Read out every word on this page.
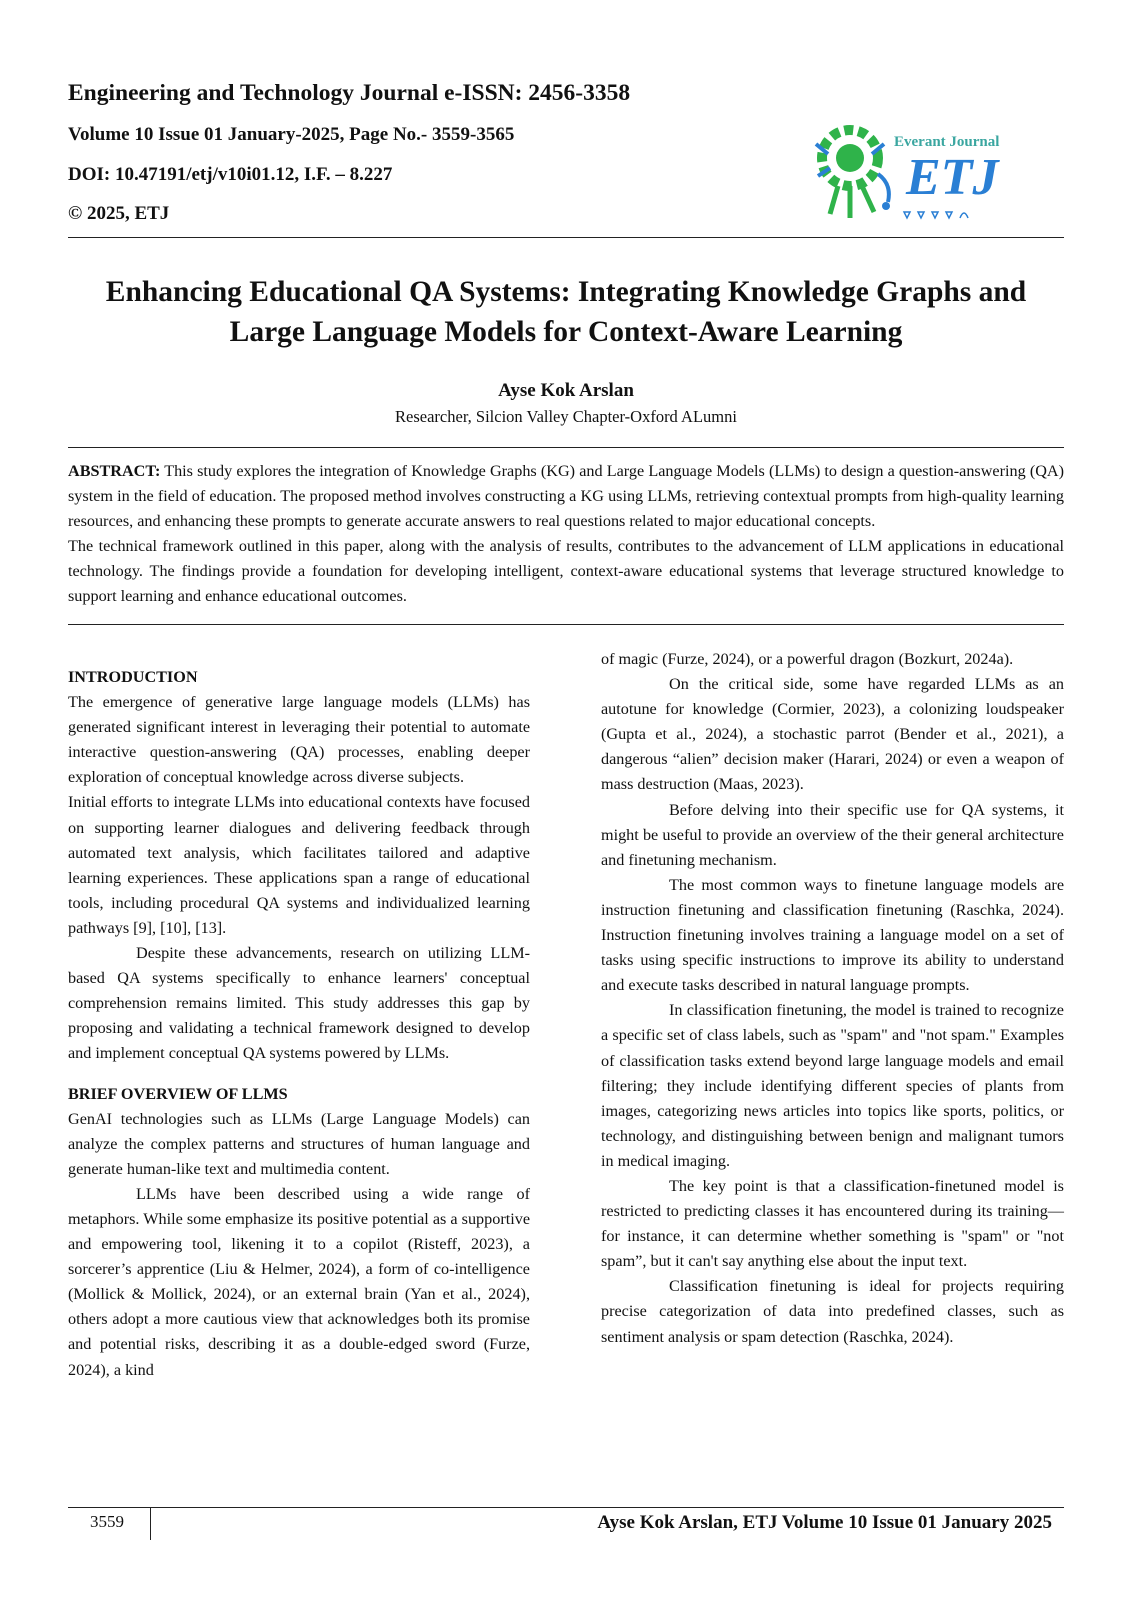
Engineering and Technology Journal e-ISSN: 2456-3358

Volume 10 Issue 01 January-2025, Page No.- 3559-3565

DOI: 10.47191/etj/v10i01.12, I.F. – 8.227

© 2025, ETJ

Everant Journal
ETJ
Enhancing Educational QA Systems: Integrating Knowledge Graphs and Large Language Models for Context-Aware Learning
Ayse Kok Arslan
Researcher, Silcion Valley Chapter-Oxford ALumni

ABSTRACT: This study explores the integration of Knowledge Graphs (KG) and Large Language Models (LLMs) to design a question-answering (QA) system in the field of education. The proposed method involves constructing a KG using LLMs, retrieving contextual prompts from high-quality learning resources, and enhancing these prompts to generate accurate answers to real questions related to major educational concepts.

The technical framework outlined in this paper, along with the analysis of results, contributes to the advancement of LLM applications in educational technology. The findings provide a foundation for developing intelligent, context-aware educational systems that leverage structured knowledge to support learning and enhance educational outcomes.

INTRODUCTION

The emergence of generative large language models (LLMs) has generated significant interest in leveraging their potential to automate interactive question-answering (QA) processes, enabling deeper exploration of conceptual knowledge across diverse subjects.

Initial efforts to integrate LLMs into educational contexts have focused on supporting learner dialogues and delivering feedback through automated text analysis, which facilitates tailored and adaptive learning experiences. These applications span a range of educational tools, including procedural QA systems and individualized learning pathways [9], [10], [13].

Despite these advancements, research on utilizing LLM-based QA systems specifically to enhance learners' conceptual comprehension remains limited. This study addresses this gap by proposing and validating a technical framework designed to develop and implement conceptual QA systems powered by LLMs.

BRIEF OVERVIEW OF LLMS

GenAI technologies such as LLMs (Large Language Models) can analyze the complex patterns and structures of human language and generate human-like text and multimedia content.

LLMs have been described using a wide range of metaphors. While some emphasize its positive potential as a supportive and empowering tool, likening it to a copilot (Risteff, 2023), a sorcerer’s apprentice (Liu & Helmer, 2024), a form of co-intelligence (Mollick & Mollick, 2024), or an external brain (Yan et al., 2024), others adopt a more cautious view that acknowledges both its promise and potential risks, describing it as a double-edged sword (Furze, 2024), a kind

of magic (Furze, 2024), or a powerful dragon (Bozkurt, 2024a).

On the critical side, some have regarded LLMs as an autotune for knowledge (Cormier, 2023), a colonizing loudspeaker (Gupta et al., 2024), a stochastic parrot (Bender et al., 2021), a dangerous “alien” decision maker (Harari, 2024) or even a weapon of mass destruction (Maas, 2023).

Before delving into their specific use for QA systems, it might be useful to provide an overview of the their general architecture and finetuning mechanism.

The most common ways to finetune language models are instruction finetuning and classification finetuning (Raschka, 2024). Instruction finetuning involves training a language model on a set of tasks using specific instructions to improve its ability to understand and execute tasks described in natural language prompts.

In classification finetuning, the model is trained to recognize a specific set of class labels, such as "spam" and "not spam." Examples of classification tasks extend beyond large language models and email filtering; they include identifying different species of plants from images, categorizing news articles into topics like sports, politics, or technology, and distinguishing between benign and malignant tumors in medical imaging.

The key point is that a classification-finetuned model is restricted to predicting classes it has encountered during its training—for instance, it can determine whether something is "spam" or "not spam”, but it can't say anything else about the input text.

Classification finetuning is ideal for projects requiring precise categorization of data into predefined classes, such as sentiment analysis or spam detection (Raschka, 2024).

3559	Ayse Kok Arslan, ETJ Volume 10 Issue 01 January 2025
